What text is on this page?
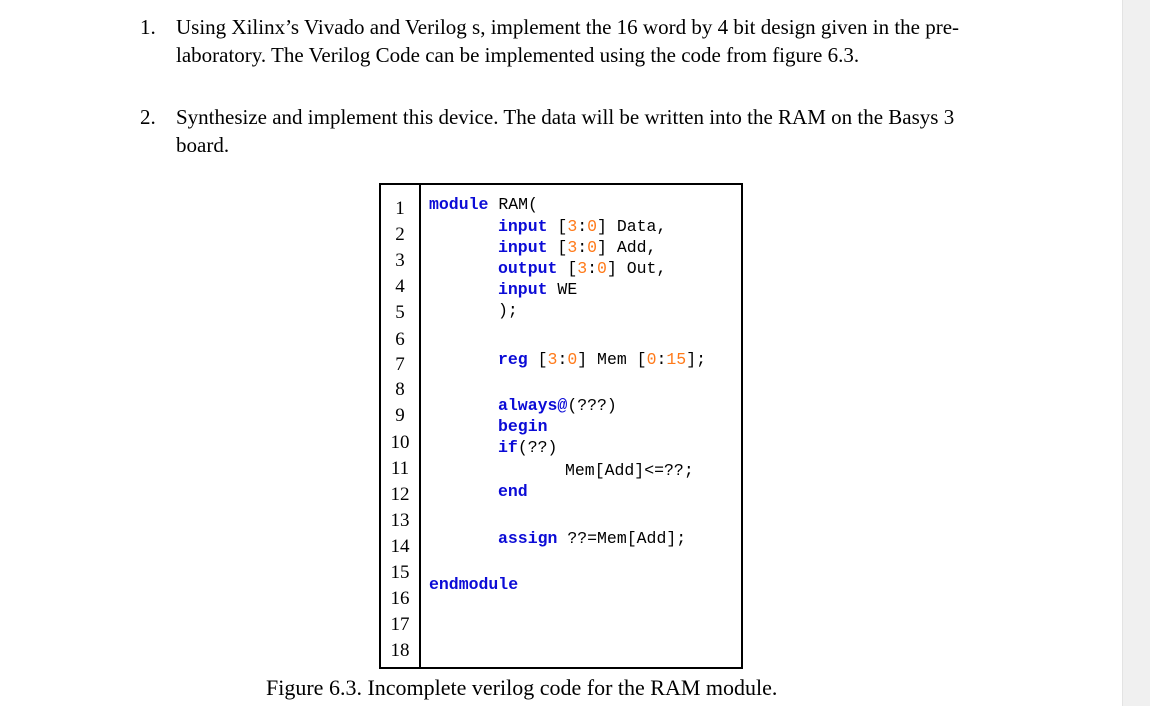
1. Using Xilinx’s Vivado and Verilog s, implement the 16 word by 4 bit design given in the pre-laboratory. The Verilog Code can be implemented using the code from figure 6.3.
2. Synthesize and implement this device. The data will be written into the RAM on the Basys 3 board.
1
2
3
4
5
6
7
8
9
10
11
12
13
14
15
16
17
18
module RAM(
input [3:0] Data,
input [3:0] Add,
output [3:0] Out,
input WE
);
reg [3:0] Mem [0:15];
always@(???)
begin
if(??)
Mem[Add]<=??;
end
assign ??=Mem[Add];
endmodule
Figure 6.3. Incomplete verilog code for the RAM module.
